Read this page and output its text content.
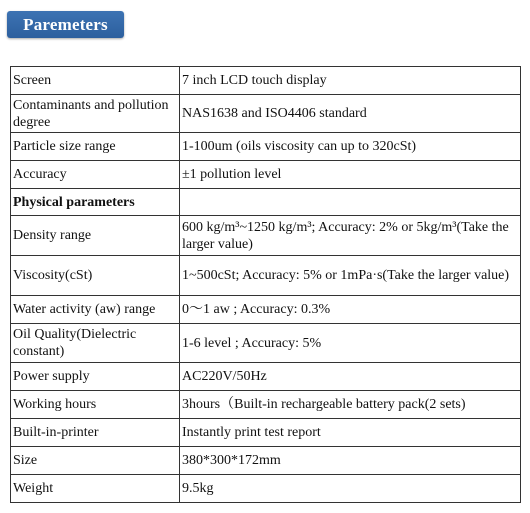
Paremeters
Screen	7 inch LCD touch display
Contaminants and pollution degree	NAS1638 and ISO4406 standard
Particle size range	1-100um (oils viscosity can up to 320cSt)
Accuracy	±1 pollution level
Physical parameters	
Density range	600 kg/m³~1250 kg/m³; Accuracy: 2% or 5kg/m³(Take the larger value)
Viscosity(cSt)	1~500cSt; Accuracy: 5% or 1mPa·s(Take the larger value)
Water activity (aw) range	0～1 aw ; Accuracy: 0.3%
Oil Quality(Dielectric constant)	1-6 level ; Accuracy: 5%
Power supply	AC220V/50Hz
Working hours	3hours（Built-in rechargeable battery pack(2 sets)
Built-in-printer	Instantly print test report
Size	380*300*172mm
Weight	9.5kg
